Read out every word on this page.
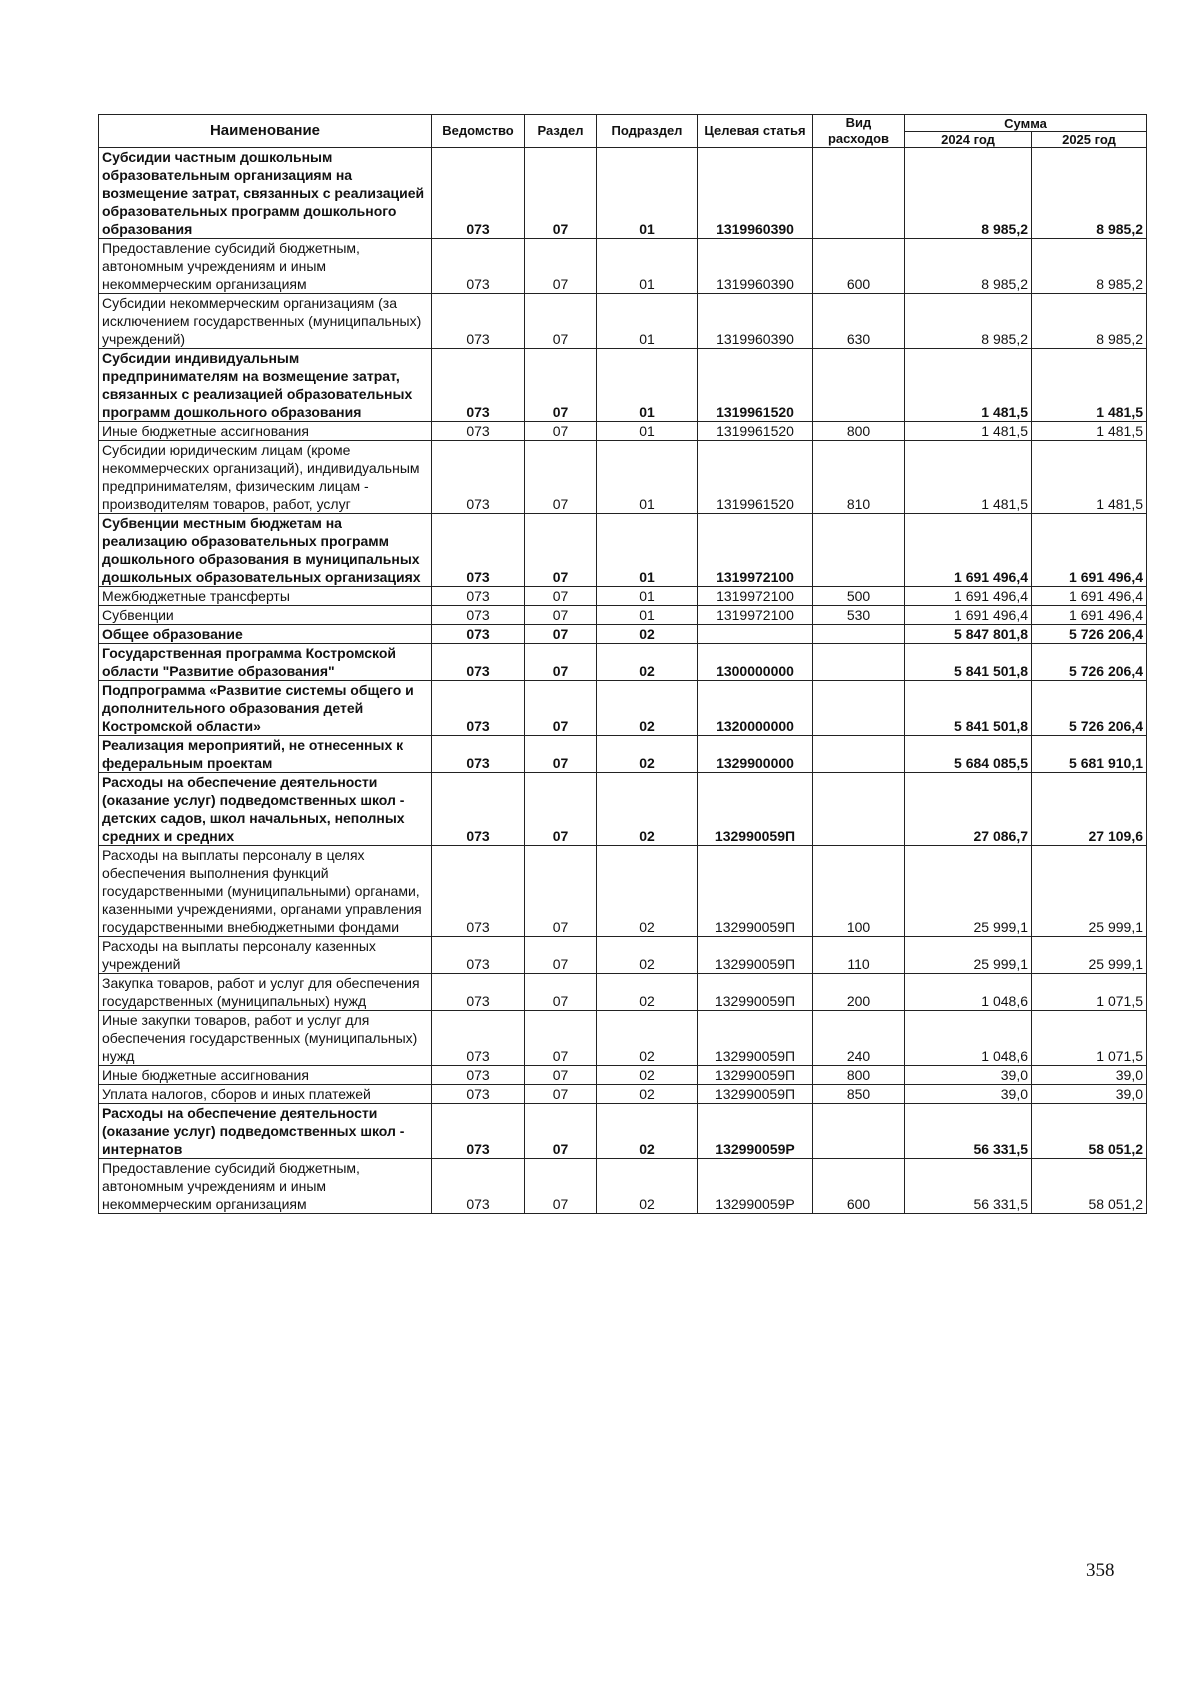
Наименование	Ведомство	Раздел	Подраздел	Целевая статья	Вид расходов	Сумма	
						2024 год	2025 год
Субсидии частным дошкольным образовательным организациям на возмещение затрат, связанных с реализацией образовательных программ дошкольного образования	073	07	01	1319960390		8 985,2	8 985,2
Предоставление субсидий бюджетным, автономным учреждениям и иным некоммерческим организациям	073	07	01	1319960390	600	8 985,2	8 985,2
Субсидии некоммерческим организациям (за исключением государственных (муниципальных) учреждений)	073	07	01	1319960390	630	8 985,2	8 985,2
Субсидии индивидуальным предпринимателям на возмещение затрат, связанных с реализацией образовательных программ дошкольного образования	073	07	01	1319961520		1 481,5	1 481,5
Иные бюджетные ассигнования	073	07	01	1319961520	800	1 481,5	1 481,5
Субсидии юридическим лицам (кроме некоммерческих организаций), индивидуальным предпринимателям, физическим лицам - производителям товаров, работ, услуг	073	07	01	1319961520	810	1 481,5	1 481,5
Субвенции местным бюджетам на реализацию образовательных программ дошкольного образования в муниципальных дошкольных образовательных организациях	073	07	01	1319972100		1 691 496,4	1 691 496,4
Межбюджетные трансферты	073	07	01	1319972100	500	1 691 496,4	1 691 496,4
Субвенции	073	07	01	1319972100	530	1 691 496,4	1 691 496,4
Общее образование	073	07	02			5 847 801,8	5 726 206,4
Государственная программа Костромской области "Развитие образования"	073	07	02	1300000000		5 841 501,8	5 726 206,4
Подпрограмма «Развитие системы общего и дополнительного образования детей Костромской области»	073	07	02	1320000000		5 841 501,8	5 726 206,4
Реализация мероприятий, не отнесенных к федеральным проектам	073	07	02	1329900000		5 684 085,5	5 681 910,1
Расходы на обеспечение деятельности (оказание услуг) подведомственных школ - детских садов, школ начальных, неполных средних и средних	073	07	02	132990059П		27 086,7	27 109,6
Расходы на выплаты персоналу в целях обеспечения выполнения функций государственными (муниципальными) органами, казенными учреждениями, органами управления государственными внебюджетными фондами	073	07	02	132990059П	100	25 999,1	25 999,1
Расходы на выплаты персоналу казенных учреждений	073	07	02	132990059П	110	25 999,1	25 999,1
Закупка товаров, работ и услуг для обеспечения государственных (муниципальных) нужд	073	07	02	132990059П	200	1 048,6	1 071,5
Иные закупки товаров, работ и услуг для обеспечения государственных (муниципальных) нужд	073	07	02	132990059П	240	1 048,6	1 071,5
Иные бюджетные ассигнования	073	07	02	132990059П	800	39,0	39,0
Уплата налогов, сборов и иных платежей	073	07	02	132990059П	850	39,0	39,0
Расходы на обеспечение деятельности (оказание услуг) подведомственных школ - интернатов	073	07	02	132990059Р		56 331,5	58 051,2
Предоставление субсидий бюджетным, автономным учреждениям и иным некоммерческим организациям	073	07	02	132990059Р	600	56 331,5	58 051,2
358
